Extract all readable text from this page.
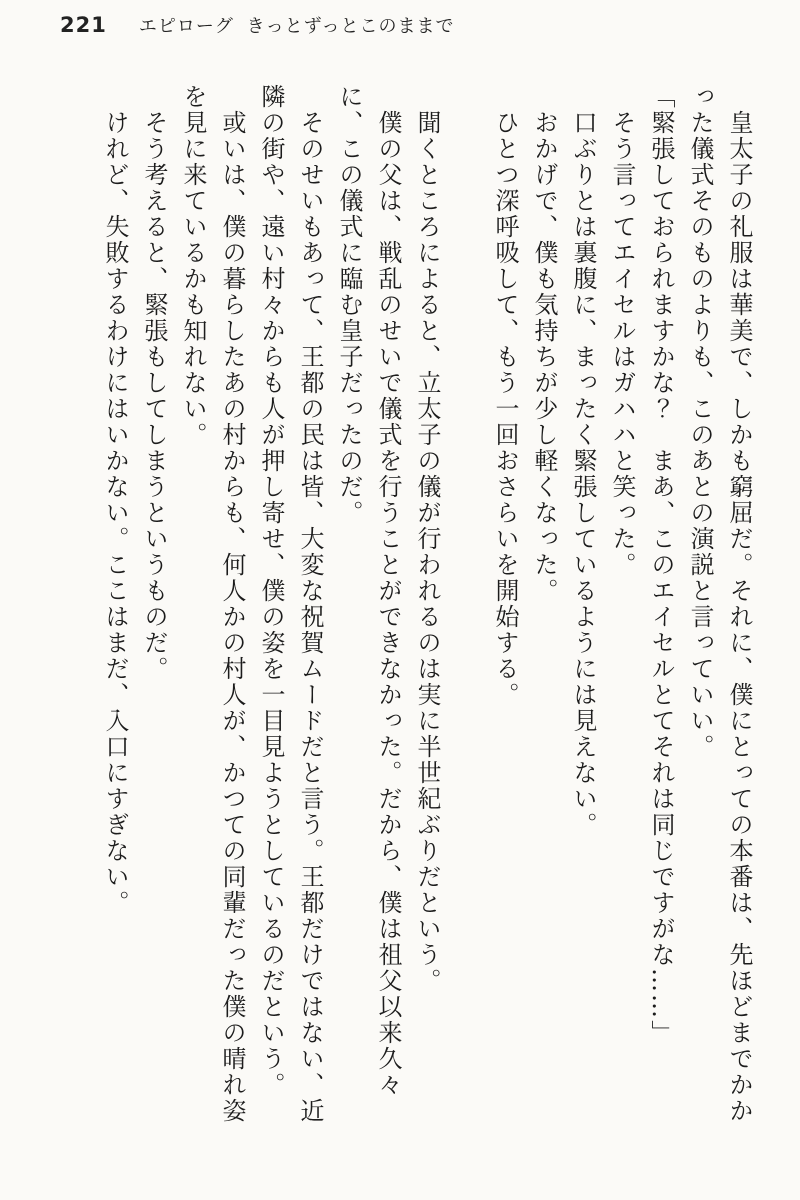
221 エピローグ きっとずっとこのままで

　皇太子の礼服は華美で、しかも窮屈だ。それに、僕にとっての本番は、先ほどまでかかった儀式そのものよりも、このあとの演説と言っていい。

「緊張しておられますかな？　まあ、このエイセルとてそれは同じですがな……」

　そう言ってエイセルはガハハと笑った。

　口ぶりとは裏腹に、まったく緊張しているようには見えない。

　おかげで、僕も気持ちが少し軽くなった。

　ひとつ深呼吸して、もう一回おさらいを開始する。

　聞くところによると、立太子の儀が行われるのは実に半世紀ぶりだという。

　僕の父は、戦乱のせいで儀式を行うことができなかった。だから、僕は祖父以来久々に、この儀式に臨む皇子だったのだ。

　そのせいもあって、王都の民は皆、大変な祝賀ムードだと言う。王都だけではない、近隣の街や、遠い村々からも人が押し寄せ、僕の姿を一目見ようとしているのだという。

　或いは、僕の暮らしたあの村からも、何人かの村人が、かつての同輩だった僕の晴れ姿を見に来ているかも知れない。

　そう考えると、緊張もしてしまうというものだ。

　けれど、失敗するわけにはいかない。ここはまだ、入口にすぎない。
